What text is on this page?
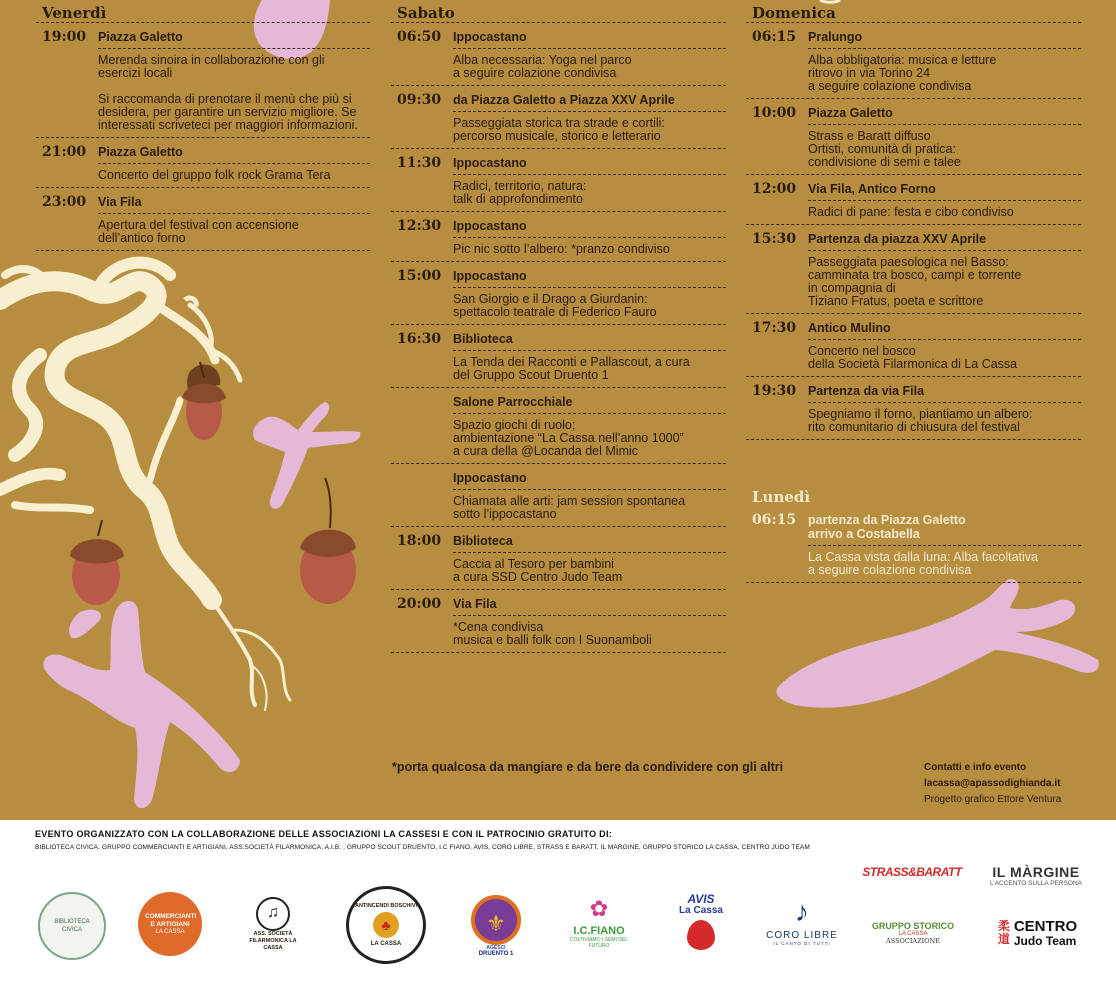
Venerdì
19:00 Piazza Galetto
Merenda sinoira in collaborazione con gli esercizi locali
Si raccomanda di prenotare il menù che più si desidera, per garantire un servizio migliore. Se interessati scriveteci per maggiori informazioni.
21:00 Piazza Galetto
Concerto del gruppo folk rock Grama Tera
23:00 Via Fila
Apertura del festival con accensione
dell’antico forno
Sabato
06:50 Ippocastano
Alba necessaria: Yoga nel parco
a seguire colazione condivisa
09:30 da Piazza Galetto a Piazza XXV Aprile
Passeggiata storica tra strade e cortili:
percorso musicale, storico e letterario
11:30 Ippocastano
Radici, territorio, natura:
talk di approfondimento
12:30 Ippocastano
Pic nic sotto l’albero: *pranzo condiviso
15:00 Ippocastano
San Giorgio e il Drago a Giurdanin:
spettacolo teatrale di Federico Fauro
16:30 Biblioteca
La Tenda dei Racconti e Pallascout, a cura
del Gruppo Scout Druento 1
Salone Parrocchiale
Spazio giochi di ruolo;
ambientazione “La Cassa nell’anno 1000”
a cura della @Locanda del Mimic
Ippocastano
Chiamata alle arti: jam session spontanea
sotto l’ippocastano
18:00 Biblioteca
Caccia al Tesoro per bambini
a cura SSD Centro Judo Team
20:00 Via Fila
*Cena condivisa
musica e balli folk con I Suonamboli
Domenica
06:15 Pralungo
Alba obbligatoria: musica e letture
ritrovo in via Torino 24
a seguire colazione condivisa
10:00 Piazza Galetto
Strass e Baratt diffuso
Ortisti, comunità di pratica:
condivisione di semi e talee
12:00 Via Fila, Antico Forno
Radici di pane: festa e cibo condiviso
15:30 Partenza da piazza XXV Aprile
Passeggiata paesologica nel Basso:
camminata tra bosco, campi e torrente
in compagnia di
Tiziano Fratus, poeta e scrittore
17:30 Antico Mulino
Concerto nel bosco
della Società Filarmonica di La Cassa
19:30 Partenza da via Fila
Spegniamo il forno, piantiamo un albero:
rito comunitario di chiusura del festival
Lunedì
06:15 partenza da Piazza Galetto
arrivo a Costabella
La Cassa vista dalla luna: Alba facoltativa
a seguire colazione condivisa
*porta qualcosa da mangiare e da bere da condividere con gli altri	Contatti e info evento
lacassa@apassodighianda.it
Progetto grafico Ettore Ventura
EVENTO ORGANIZZATO CON LA COLLABORAZIONE DELLE ASSOCIAZIONI LA CASSESI E CON IL PATROCINIO GRATUITO DI:
BIBLIOTECA CIVICA, GRUPPO COMMERCIANTI E ARTIGIANI, ASS.SOCIETÀ FILARMONICA, A.I.B. , GRUPPO SCOUT DRUENTO, I.C FIANO, AVIS, CORO LIBRE, STRASS E BARATT, IL MARGINE, GRUPPO STORICO LA CASSA, CENTRO JUDO TEAM
BIBLIOTECA CIVICA
COMMERCIANTI E ARTIGIANI
LA CASSA
♫
ASS. SOCIETÀ FILARMONICA LA CASSA
ANTINCENDI BOSCHIVI
♣
LA CASSA
⚜
AGESCI
DRUENTO 1
✿
I.C.FIANO
COLTIVIAMO I SEMI DEL FUTURO
AVIS
La Cassa	♪
CORO LIBRE
IL CANTO DI TUTTI
STRASS&BARATT
GRUPPO STORICO
LA CASSA
ASSOCIAZIONE
IL MÀRGINE
L’ACCENTO SULLA PERSONA
柔道
CENTRO
Judo Team
